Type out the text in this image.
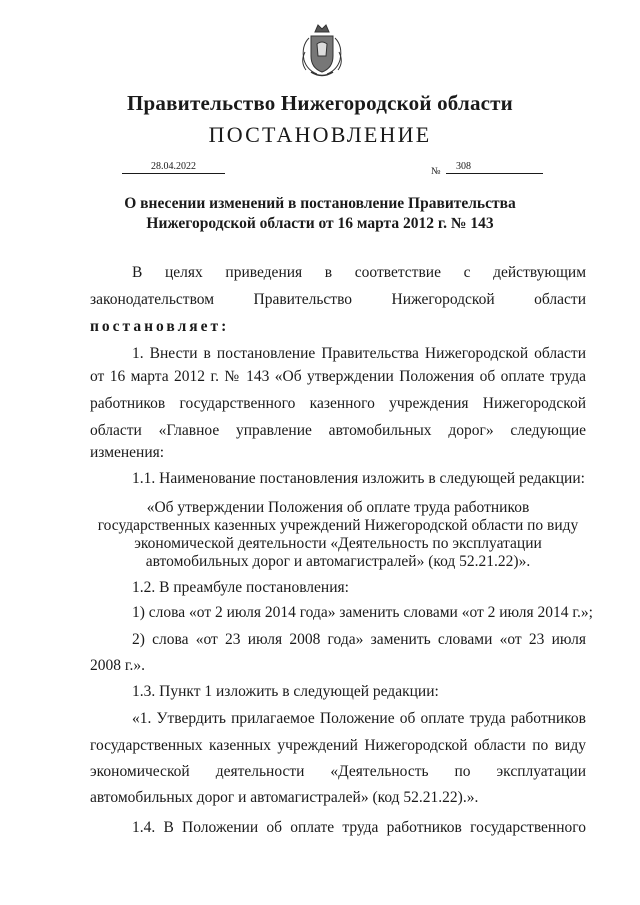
Правительство Нижегородской области
ПОСТАНОВЛЕНИЕ
28.04.2022	№	308
О внесении изменений в постановление Правительства
Нижегородской области от 16 марта 2012 г. № 143
В целях приведения в соответствие с действующим
законодательством Правительство Нижегородской области
постановляет:
1. Внести в постановление Правительства Нижегородской области
от 16 марта 2012 г. № 143 «Об утверждении Положения об оплате труда
работников государственного казенного учреждения Нижегородской
области «Главное управление автомобильных дорог» следующие
изменения:
1.1. Наименование постановления изложить в следующей редакции:
«Об утверждении Положения об оплате труда работников
государственных казенных учреждений Нижегородской области по виду
экономической деятельности «Деятельность по эксплуатации
автомобильных дорог и автомагистралей» (код 52.21.22)».
1.2. В преамбуле постановления:
1) слова «от 2 июля 2014 года» заменить словами «от 2 июля 2014 г.»;
2) слова «от 23 июля 2008 года» заменить словами «от 23 июля
2008 г.».
1.3. Пункт 1 изложить в следующей редакции:
«1. Утвердить прилагаемое Положение об оплате труда работников
государственных казенных учреждений Нижегородской области по виду
экономической деятельности «Деятельность по эксплуатации
автомобильных дорог и автомагистралей» (код 52.21.22).».
1.4. В Положении об оплате труда работников государственного
